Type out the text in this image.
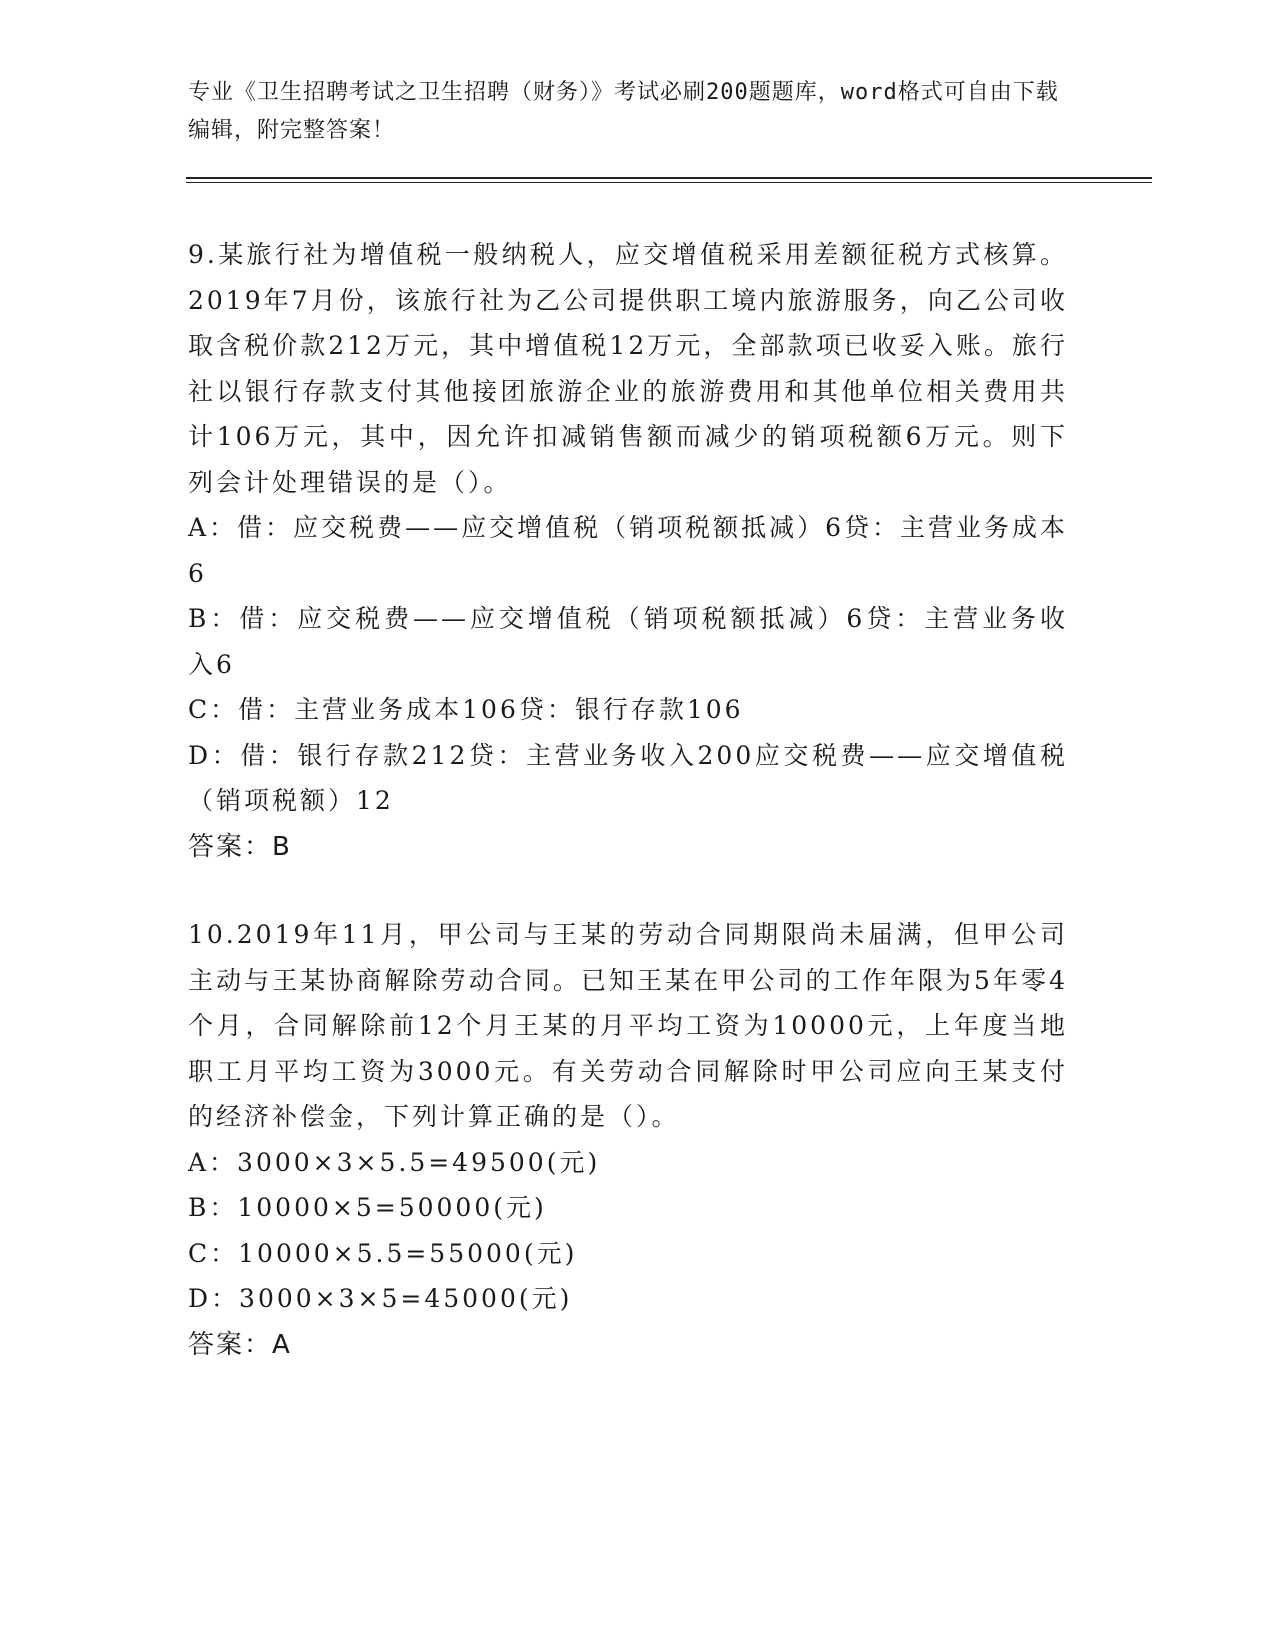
专业《卫生招聘考试之卫生招聘（财务）》考试必刷200题题库，word格式可自由下载编辑，附完整答案！
9.某旅行社为增值税一般纳税人，应交增值税采用差额征税方式核算。2019年7月份，该旅行社为乙公司提供职工境内旅游服务，向乙公司收取含税价款212万元，其中增值税12万元，全部款项已收妥入账。旅行社以银行存款支付其他接团旅游企业的旅游费用和其他单位相关费用共计106万元，其中，因允许扣减销售额而减少的销项税额6万元。则下列会计处理错误的是（）。
A：借：应交税费——应交增值税（销项税额抵减）6贷：主营业务成本6
B：借：应交税费——应交增值税（销项税额抵减）6贷：主营业务收入6
C：借：主营业务成本106贷：银行存款106
D：借：银行存款212贷：主营业务收入200应交税费——应交增值税（销项税额）12
答案：B
10.2019年11月，甲公司与王某的劳动合同期限尚未届满，但甲公司主动与王某协商解除劳动合同。已知王某在甲公司的工作年限为5年零4个月，合同解除前12个月王某的月平均工资为10000元，上年度当地职工月平均工资为3000元。有关劳动合同解除时甲公司应向王某支付的经济补偿金，下列计算正确的是（）。
A：3000×3×5.5=49500(元)
B：10000×5=50000(元)
C：10000×5.5=55000(元)
D：3000×3×5=45000(元)
答案：A
